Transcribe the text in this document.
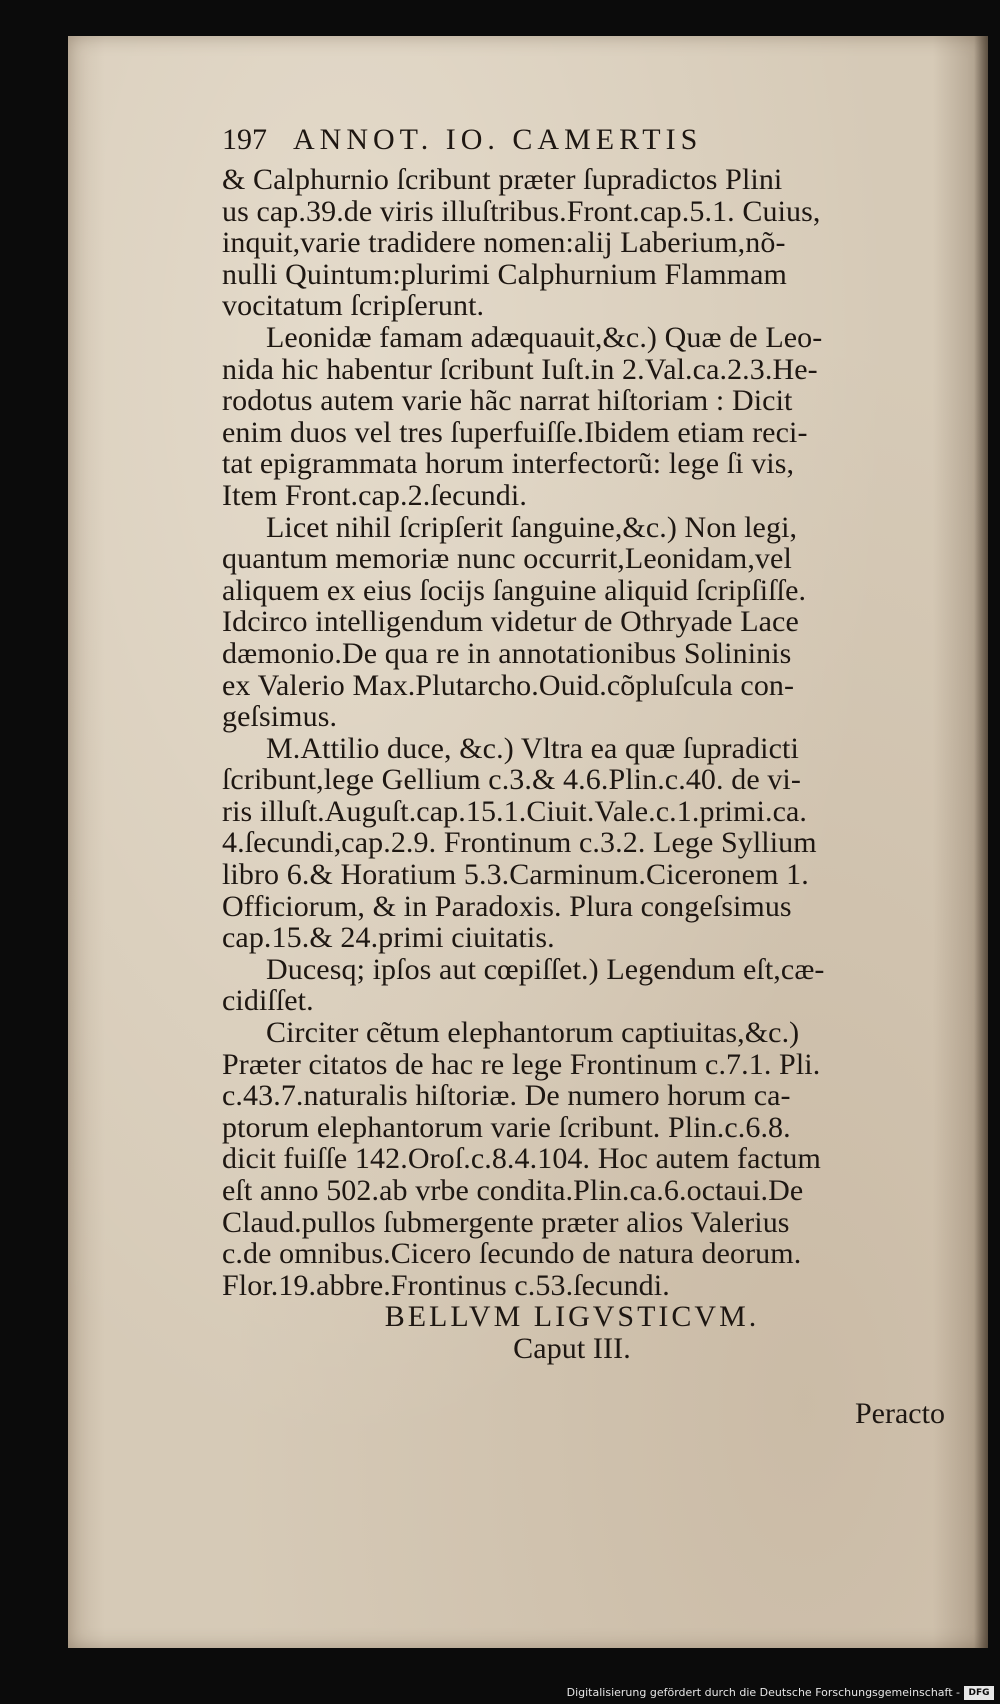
197 ANNOT. IO. CAMERTIS
& Calphurnio ſcribunt præter ſupradictos Plini
us cap.39.de viris illuſtribus.Front.cap.5.1. Cuius,
inquit,varie tradidere nomen:alij Laberium,nõ-
nulli Quintum:plurimi Calphurnium Flammam
vocitatum ſcripſerunt.
Leonidæ famam adæquauit,&c.) Quæ de Leo-
nida hic habentur ſcribunt Iuſt.in 2.Val.ca.2.3.He-
rodotus autem varie hãc narrat hiſtoriam : Dicit
enim duos vel tres ſuperfuiſſe.Ibidem etiam reci-
tat epigrammata horum interfectorũ: lege ſi vis,
Item Front.cap.2.ſecundi.
Licet nihil ſcripſerit ſanguine,&c.) Non legi,
quantum memoriæ nunc occurrit,Leonidam,vel
aliquem ex eius ſocijs ſanguine aliquid ſcripſiſſe.
Idcirco intelligendum videtur de Othryade Lace
dæmonio.De qua re in annotationibus Solininis
ex Valerio Max.Plutarcho.Ouid.cõpluſcula con-
geſsimus.
M.Attilio duce, &c.) Vltra ea quæ ſupradicti
ſcribunt,lege Gellium c.3.& 4.6.Plin.c.40. de vi-
ris illuſt.Auguſt.cap.15.1.Ciuit.Vale.c.1.primi.ca.
4.ſecundi,cap.2.9. Frontinum c.3.2. Lege Syllium
libro 6.& Horatium 5.3.Carminum.Ciceronem 1.
Officiorum, & in Paradoxis. Plura congeſsimus
cap.15.& 24.primi ciuitatis.
Ducesq; ipſos aut cœpiſſet.) Legendum eſt,cæ-
cidiſſet.
Circiter cẽtum elephantorum captiuitas,&c.)
Præter citatos de hac re lege Frontinum c.7.1. Pli.
c.43.7.naturalis hiſtoriæ. De numero horum ca-
ptorum elephantorum varie ſcribunt. Plin.c.6.8.
dicit fuiſſe 142.Oroſ.c.8.4.104. Hoc autem factum
eſt anno 502.ab vrbe condita.Plin.ca.6.octaui.De
Claud.pullos ſubmergente præter alios Valerius
c.de omnibus.Cicero ſecundo de natura deorum.
Flor.19.abbre.Frontinus c.53.ſecundi.
BELLVM LIGVSTICVM.
Caput III.
Peracto
Digitalisierung gefördert durch die Deutsche Forschungsgemeinschaft - DFG
